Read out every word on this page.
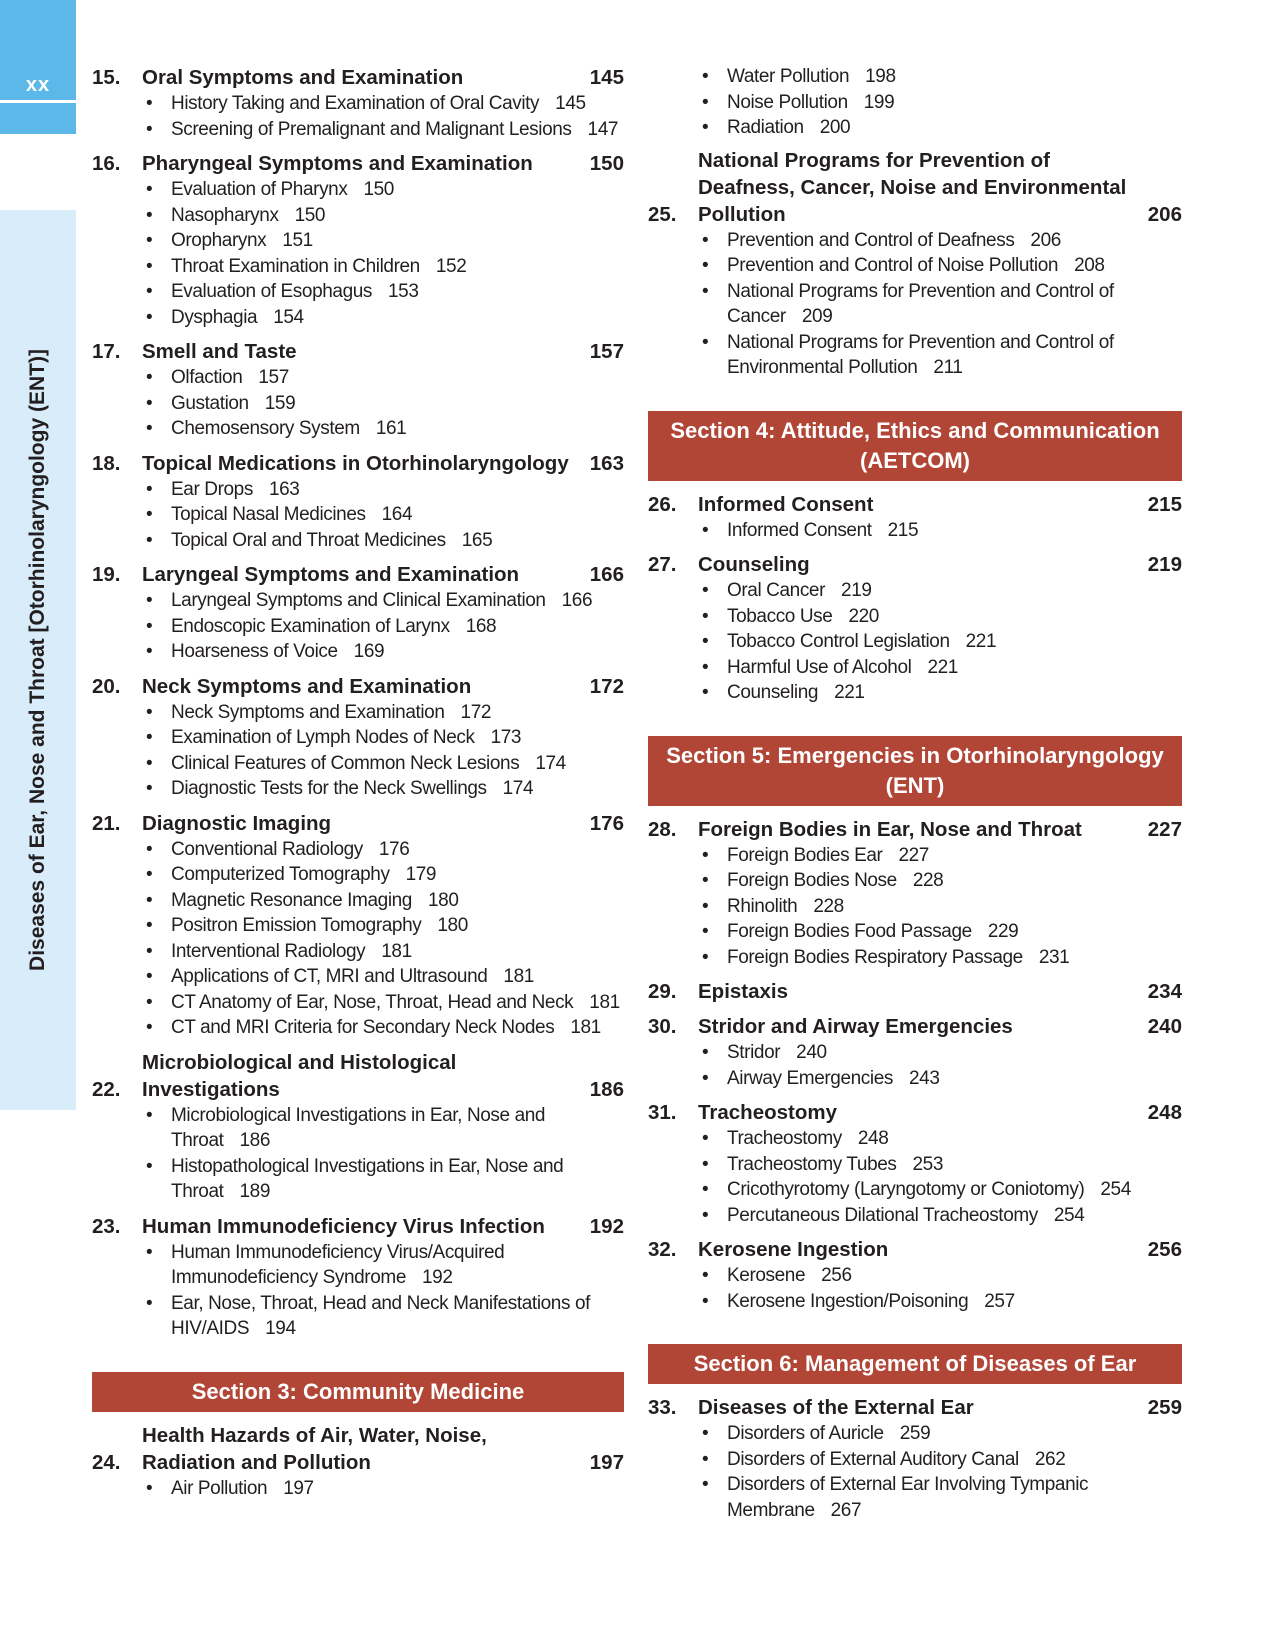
xx
Diseases of Ear, Nose and Throat [Otorhinolaryngology (ENT)]
15.	Oral Symptoms and Examination	145
• History Taking and Examination of Oral Cavity 145
• Screening of Premalignant and Malignant Lesions 147
16.	Pharyngeal Symptoms and Examination	150
• Evaluation of Pharynx 150
• Nasopharynx 150
• Oropharynx 151
• Throat Examination in Children 152
• Evaluation of Esophagus 153
• Dysphagia 154
17.	Smell and Taste	157
• Olfaction 157
• Gustation 159
• Chemosensory System 161
18.	Topical Medications in Otorhinolaryngology	163
• Ear Drops 163
• Topical Nasal Medicines 164
• Topical Oral and Throat Medicines 165
19.	Laryngeal Symptoms and Examination	166
• Laryngeal Symptoms and Clinical Examination 166
• Endoscopic Examination of Larynx 168
• Hoarseness of Voice 169
20.	Neck Symptoms and Examination	172
• Neck Symptoms and Examination 172
• Examination of Lymph Nodes of Neck 173
• Clinical Features of Common Neck Lesions 174
• Diagnostic Tests for the Neck Swellings 174
21.	Diagnostic Imaging	176
• Conventional Radiology 176
• Computerized Tomography 179
• Magnetic Resonance Imaging 180
• Positron Emission Tomography 180
• Interventional Radiology 181
• Applications of CT, MRI and Ultrasound 181
• CT Anatomy of Ear, Nose, Throat, Head and Neck 181
• CT and MRI Criteria for Secondary Neck Nodes 181
22.
Microbiological and Histological Investigations	186
• Microbiological Investigations in Ear, Nose and Throat 186
• Histopathological Investigations in Ear, Nose and Throat 189
23.	Human Immunodeficiency Virus Infection	192
• Human Immunodeficiency Virus/Acquired Immunodeficiency Syndrome 192
• Ear, Nose, Throat, Head and Neck Manifestations of HIV/AIDS 194
Section 3: Community Medicine
24.
Health Hazards of Air, Water, Noise, Radiation and Pollution	197
• Air Pollution 197
• Water Pollution 198
• Noise Pollution 199
• Radiation 200
25.
National Programs for Prevention of Deafness, Cancer, Noise and Environmental Pollution	206
• Prevention and Control of Deafness 206
• Prevention and Control of Noise Pollution 208
• National Programs for Prevention and Control of Cancer 209
• National Programs for Prevention and Control of Environmental Pollution 211
Section 4: Attitude, Ethics and Communication (AETCOM)
26.	Informed Consent	215
• Informed Consent 215
27.	Counseling	219
• Oral Cancer 219
• Tobacco Use 220
• Tobacco Control Legislation 221
• Harmful Use of Alcohol 221
• Counseling 221
Section 5: Emergencies in Otorhinolaryngology (ENT)
28.	Foreign Bodies in Ear, Nose and Throat	227
• Foreign Bodies Ear 227
• Foreign Bodies Nose 228
• Rhinolith 228
• Foreign Bodies Food Passage 229
• Foreign Bodies Respiratory Passage 231
29.	Epistaxis	234
30.	Stridor and Airway Emergencies	240
• Stridor 240
• Airway Emergencies 243
31.	Tracheostomy	248
• Tracheostomy 248
• Tracheostomy Tubes 253
• Cricothyrotomy (Laryngotomy or Coniotomy) 254
• Percutaneous Dilational Tracheostomy 254
32.	Kerosene Ingestion	256
• Kerosene 256
• Kerosene Ingestion/Poisoning 257
Section 6: Management of Diseases of Ear
33.	Diseases of the External Ear	259
• Disorders of Auricle 259
• Disorders of External Auditory Canal 262
• Disorders of External Ear Involving Tympanic Membrane 267
